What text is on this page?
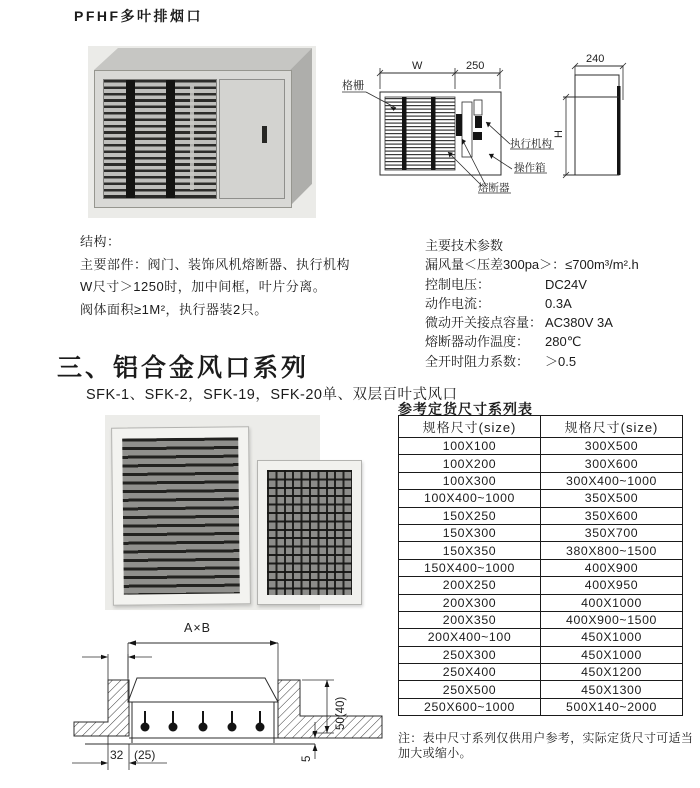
PFHF多叶排烟口
W	250
格栅
执行机构
操作箱
熔断器
240
H
结构：
主要部件：阀门、装饰风机熔断器、执行机构
W尺寸＞1250时，加中间框，叶片分离。
阀体面积≥1M²，执行器装2只。
主要技术参数
漏风量＜压差300pa＞： ≤700m³/m².h
控制电压：	DC24V
动作电流：	0.3A
微动开关接点容量： AC380V 3A
熔断器动作温度：	280℃
全开时阻力系数：	＞0.5
三、铝合金风口系列
SFK-1、SFK-2，SFK-19，SFK-20单、双层百叶式风口
A×B
50(40)
5
32 (25)
参考定货尺寸系列表
规格尺寸(size)	规格尺寸(size)
100X100	300X500
100X200	300X600
100X300	300X400~1000
100X400~1000	350X500
150X250	350X600
150X300	350X700
150X350	380X800~1500
150X400~1000	400X900
200X250	400X950
200X300	400X1000
200X350	400X900~1500
200X400~100	450X1000
250X300	450X1000
250X400	450X1200
250X500	450X1300
250X600~1000	500X140~2000
注：表中尺寸系列仅供用户参考，实际定货尺寸可适当加大或缩小。
